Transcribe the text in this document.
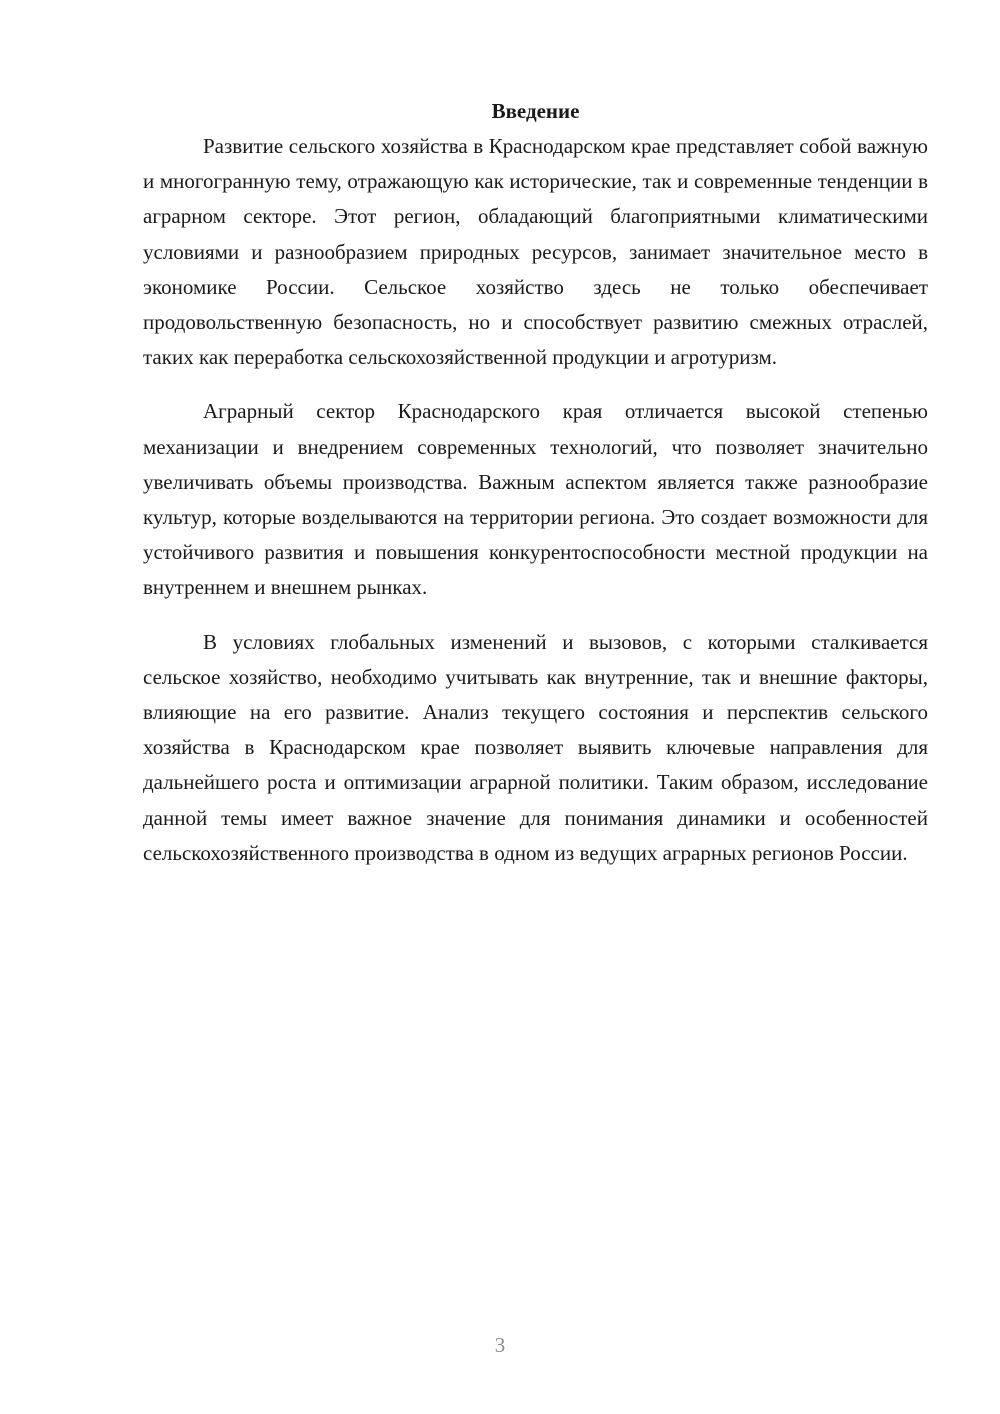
Введение

Развитие сельского хозяйства в Краснодарском крае представляет собой важную и многогранную тему, отражающую как исторические, так и современные тенденции в аграрном секторе. Этот регион, обладающий благоприятными климатическими условиями и разнообразием природных ресурсов, занимает значительное место в экономике России. Сельское хозяйство здесь не только обеспечивает продовольственную безопасность, но и способствует развитию смежных отраслей, таких как переработка сельскохозяйственной продукции и агротуризм.

Аграрный сектор Краснодарского края отличается высокой степенью механизации и внедрением современных технологий, что позволяет значительно увеличивать объемы производства. Важным аспектом является также разнообразие культур, которые возделываются на территории региона. Это создает возможности для устойчивого развития и повышения конкурентоспособности местной продукции на внутреннем и внешнем рынках.

В условиях глобальных изменений и вызовов, с которыми сталкивается сельское хозяйство, необходимо учитывать как внутренние, так и внешние факторы, влияющие на его развитие. Анализ текущего состояния и перспектив сельского хозяйства в Краснодарском крае позволяет выявить ключевые направления для дальнейшего роста и оптимизации аграрной политики. Таким образом, исследование данной темы имеет важное значение для понимания динамики и особенностей сельскохозяйственного производства в одном из ведущих аграрных регионов России.

3
